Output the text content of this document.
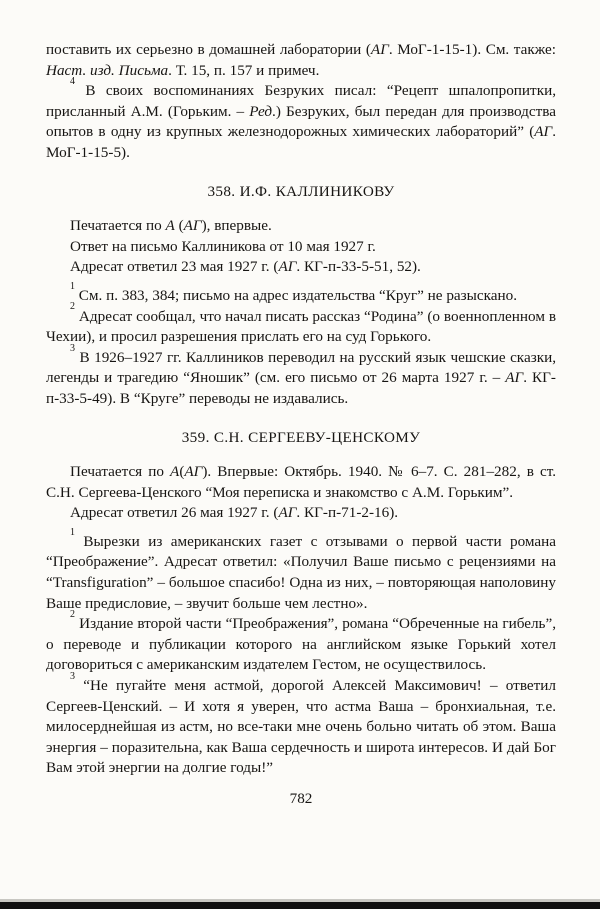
поставить их серьезно в домашней лаборатории (АГ. МоГ-1-15-1). См. также: Наст. изд. Письма. Т. 15, п. 157 и примеч.

$^4$ В своих воспоминаниях Безруких писал: “Рецепт шпалопропитки, присланный А.М. (Горьким. – Ред.) Безруких, был передан для производства опытов в одну из крупных железнодорожных химических лабораторий” (АГ. МоГ-1-15-5).

358. И.Ф. КАЛЛИНИКОВУ

Печатается по А (АГ), впервые.

Ответ на письмо Каллиникова от 10 мая 1927 г.

Адресат ответил 23 мая 1927 г. (АГ. КГ-п-33-5-51, 52).

$^1$ См. п. 383, 384; письмо на адрес издательства “Круг” не разыскано.

$^2$ Адресат сообщал, что начал писать рассказ “Родина” (о военнопленном в Чехии), и просил разрешения прислать его на суд Горького.

$^3$ В 1926–1927 гг. Каллиников переводил на русский язык чешские сказки, легенды и трагедию “Яношик” (см. его письмо от 26 марта 1927 г. – АГ. КГ-п-33-5-49). В “Круге” переводы не издавались.

359. С.Н. СЕРГЕЕВУ-ЦЕНСКОМУ

Печатается по А(АГ). Впервые: Октябрь. 1940. № 6–7. С. 281–282, в ст. С.Н. Сергеева-Ценского “Моя переписка и знакомство с А.М. Горьким”.

Адресат ответил 26 мая 1927 г. (АГ. КГ-п-71-2-16).

$^1$ Вырезки из американских газет с отзывами о первой части романа “Преображение”. Адресат ответил: «Получил Ваше письмо с рецензиями на “Transfiguration” – большое спасибо! Одна из них, – повторяющая наполовину Ваше предисловие, – звучит больше чем лестно».

$^2$ Издание второй части “Преображения”, романа “Обреченные на гибель”, о переводе и публикации которого на английском языке Горький хотел договориться с американским издателем Гестом, не осуществилось.

$^3$ “Не пугайте меня астмой, дорогой Алексей Максимович! – ответил Сергеев-Ценский. – И хотя я уверен, что астма Ваша – бронхиальная, т.е. милосерднейшая из астм, но все-таки мне очень больно читать об этом. Ваша энергия – поразительна, как Ваша сердечность и широта интересов. И дай Бог Вам этой энергии на долгие годы!”

782
